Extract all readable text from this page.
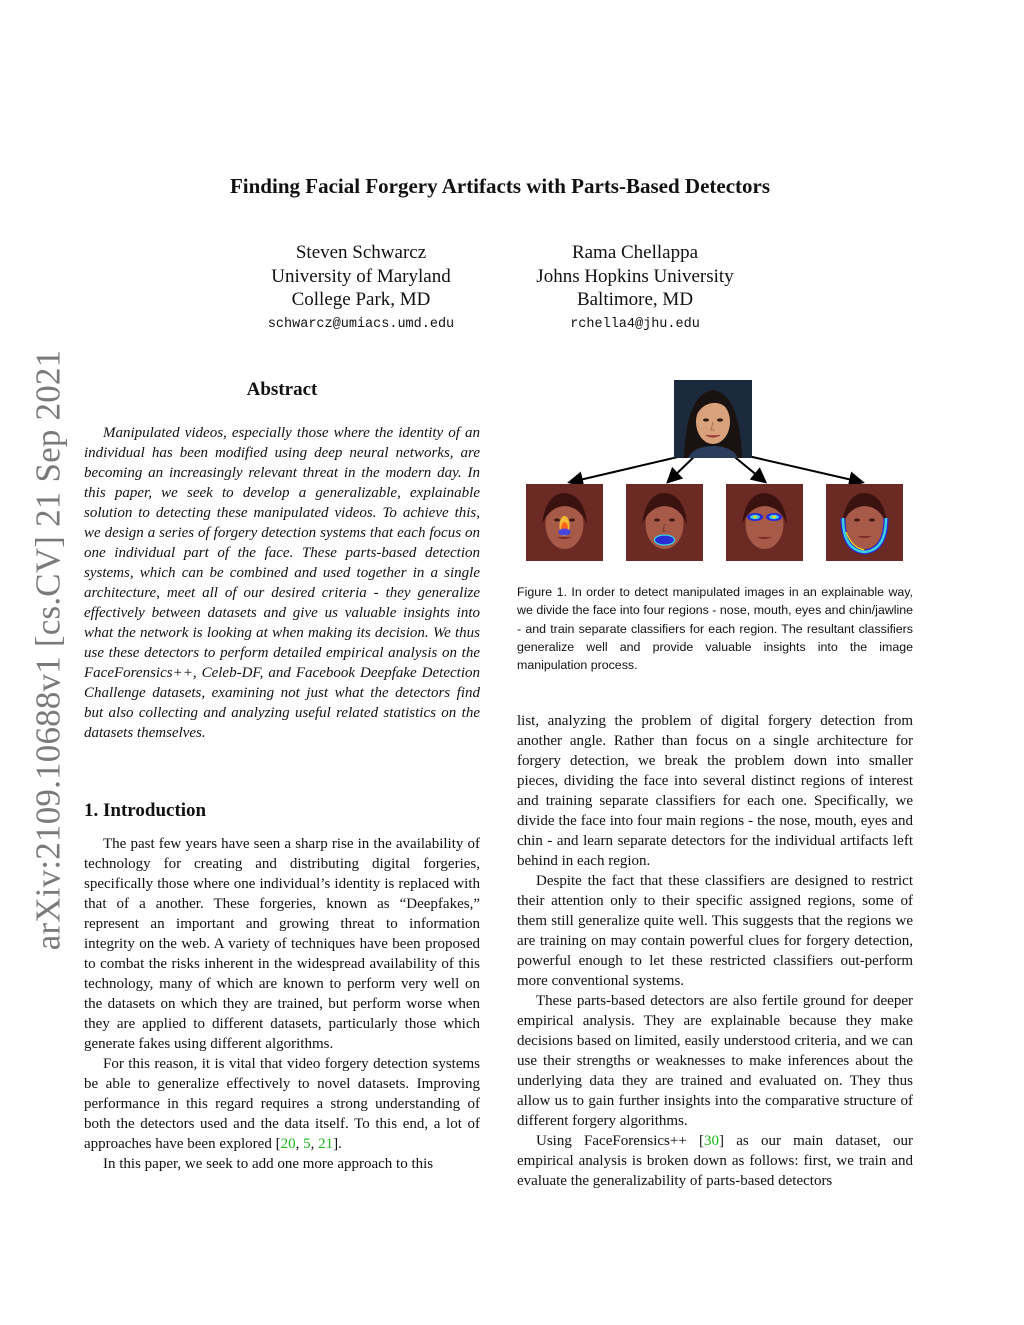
arXiv:2109.10688v1 [cs.CV] 21 Sep 2021
Finding Facial Forgery Artifacts with Parts-Based Detectors
Steven Schwarcz
University of Maryland
College Park, MD
schwarcz@umiacs.umd.edu
Rama Chellappa
Johns Hopkins University
Baltimore, MD
rchella4@jhu.edu
Abstract

Manipulated videos, especially those where the identity of an individual has been modified using deep neural networks, are becoming an increasingly relevant threat in the modern day. In this paper, we seek to develop a generalizable, explainable solution to detecting these manipulated videos. To achieve this, we design a series of forgery detection systems that each focus on one individual part of the face. These parts-based detection systems, which can be combined and used together in a single architecture, meet all of our desired criteria - they generalize effectively between datasets and give us valuable insights into what the network is looking at when making its decision. We thus use these detectors to perform detailed empirical analysis on the FaceForensics++, Celeb-DF, and Facebook Deepfake Detection Challenge datasets, examining not just what the detectors find but also collecting and analyzing useful related statistics on the datasets themselves.

1. Introduction

The past few years have seen a sharp rise in the availability of technology for creating and distributing digital forgeries, specifically those where one individual’s identity is replaced with that of a another. These forgeries, known as “Deepfakes,” represent an important and growing threat to information integrity on the web. A variety of techniques have been proposed to combat the risks inherent in the widespread availability of this technology, many of which are known to perform very well on the datasets on which they are trained, but perform worse when they are applied to different datasets, particularly those which generate fakes using different algorithms.

For this reason, it is vital that video forgery detection systems be able to generalize effectively to novel datasets. Improving performance in this regard requires a strong understanding of both the detectors used and the data itself. To this end, a lot of approaches have been explored [20, 5, 21].

In this paper, we seek to add one more approach to this

Figure 1. In order to detect manipulated images in an explainable way, we divide the face into four regions - nose, mouth, eyes and chin/jawline - and train separate classifiers for each region. The resultant classifiers generalize well and provide valuable insights into the image manipulation process.

list, analyzing the problem of digital forgery detection from another angle. Rather than focus on a single architecture for forgery detection, we break the problem down into smaller pieces, dividing the face into several distinct regions of interest and training separate classifiers for each one. Specifically, we divide the face into four main regions - the nose, mouth, eyes and chin - and learn separate detectors for the individual artifacts left behind in each region.

Despite the fact that these classifiers are designed to restrict their attention only to their specific assigned regions, some of them still generalize quite well. This suggests that the regions we are training on may contain powerful clues for forgery detection, powerful enough to let these restricted classifiers out-perform more conventional systems.

These parts-based detectors are also fertile ground for deeper empirical analysis. They are explainable because they make decisions based on limited, easily understood criteria, and we can use their strengths or weaknesses to make inferences about the underlying data they are trained and evaluated on. They thus allow us to gain further insights into the comparative structure of different forgery algorithms.

Using FaceForensics++ [30] as our main dataset, our empirical analysis is broken down as follows: first, we train and evaluate the generalizability of parts-based detectors
